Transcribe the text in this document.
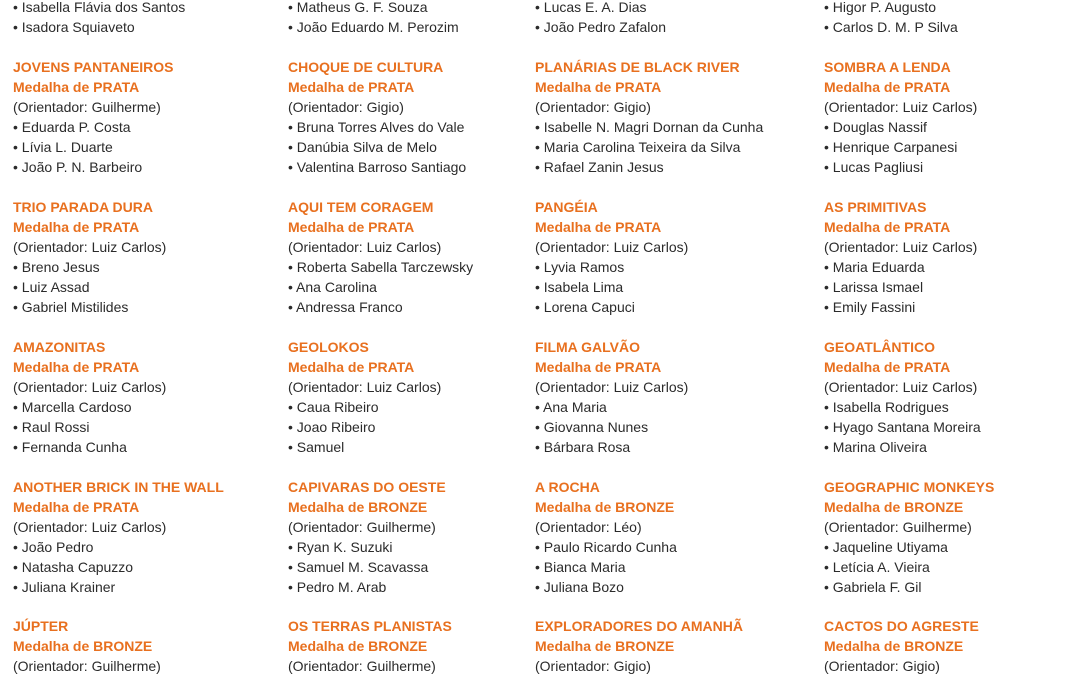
• Isabella Flávia dos Santos
• Isadora Squiaveto
JOVENS PANTANEIROS
Medalha de PRATA
(Orientador: Guilherme)
• Eduarda P. Costa
• Lívia L. Duarte
• João P. N. Barbeiro
TRIO PARADA DURA
Medalha de PRATA
(Orientador: Luiz Carlos)
• Breno Jesus
• Luiz Assad
• Gabriel Mistilides
AMAZONITAS
Medalha de PRATA
(Orientador: Luiz Carlos)
• Marcella Cardoso
• Raul Rossi
• Fernanda Cunha
ANOTHER BRICK IN THE WALL
Medalha de PRATA
(Orientador: Luiz Carlos)
• João Pedro
• Natasha Capuzzo
• Juliana Krainer
JÚPTER
Medalha de BRONZE
(Orientador: Guilherme)
• Matheus G. F. Souza
• João Eduardo M. Perozim
CHOQUE DE CULTURA
Medalha de PRATA
(Orientador: Gigio)
• Bruna Torres Alves do Vale
• Danúbia Silva de Melo
• Valentina Barroso Santiago
AQUI TEM CORAGEM
Medalha de PRATA
(Orientador: Luiz Carlos)
• Roberta Sabella Tarczewsky
• Ana Carolina
• Andressa Franco
GEOLOKOS
Medalha de PRATA
(Orientador: Luiz Carlos)
• Caua Ribeiro
• Joao Ribeiro
• Samuel
CAPIVARAS DO OESTE
Medalha de BRONZE
(Orientador: Guilherme)
• Ryan K. Suzuki
• Samuel M. Scavassa
• Pedro M. Arab
OS TERRAS PLANISTAS
Medalha de BRONZE
(Orientador: Guilherme)
• Lucas E. A. Dias
• João Pedro Zafalon
PLANÁRIAS DE BLACK RIVER
Medalha de PRATA
(Orientador: Gigio)
• Isabelle N. Magri Dornan da Cunha
• Maria Carolina Teixeira da Silva
• Rafael Zanin Jesus
PANGÉIA
Medalha de PRATA
(Orientador: Luiz Carlos)
• Lyvia Ramos
• Isabela Lima
• Lorena Capuci
FILMA GALVÃO
Medalha de PRATA
(Orientador: Luiz Carlos)
• Ana Maria
• Giovanna Nunes
• Bárbara Rosa
A ROCHA
Medalha de BRONZE
(Orientador: Léo)
• Paulo Ricardo Cunha
• Bianca Maria
• Juliana Bozo
EXPLORADORES DO AMANHÃ
Medalha de BRONZE
(Orientador: Gigio)
• Higor P. Augusto
• Carlos D. M. P Silva
SOMBRA A LENDA
Medalha de PRATA
(Orientador: Luiz Carlos)
• Douglas Nassif
• Henrique Carpanesi
• Lucas Pagliusi
AS PRIMITIVAS
Medalha de PRATA
(Orientador: Luiz Carlos)
• Maria Eduarda
• Larissa Ismael
• Emily Fassini
GEOATLÂNTICO
Medalha de PRATA
(Orientador: Luiz Carlos)
• Isabella Rodrigues
• Hyago Santana Moreira
• Marina Oliveira
GEOGRAPHIC MONKEYS
Medalha de BRONZE
(Orientador: Guilherme)
• Jaqueline Utiyama
• Letícia A. Vieira
• Gabriela F. Gil
CACTOS DO AGRESTE
Medalha de BRONZE
(Orientador: Gigio)
